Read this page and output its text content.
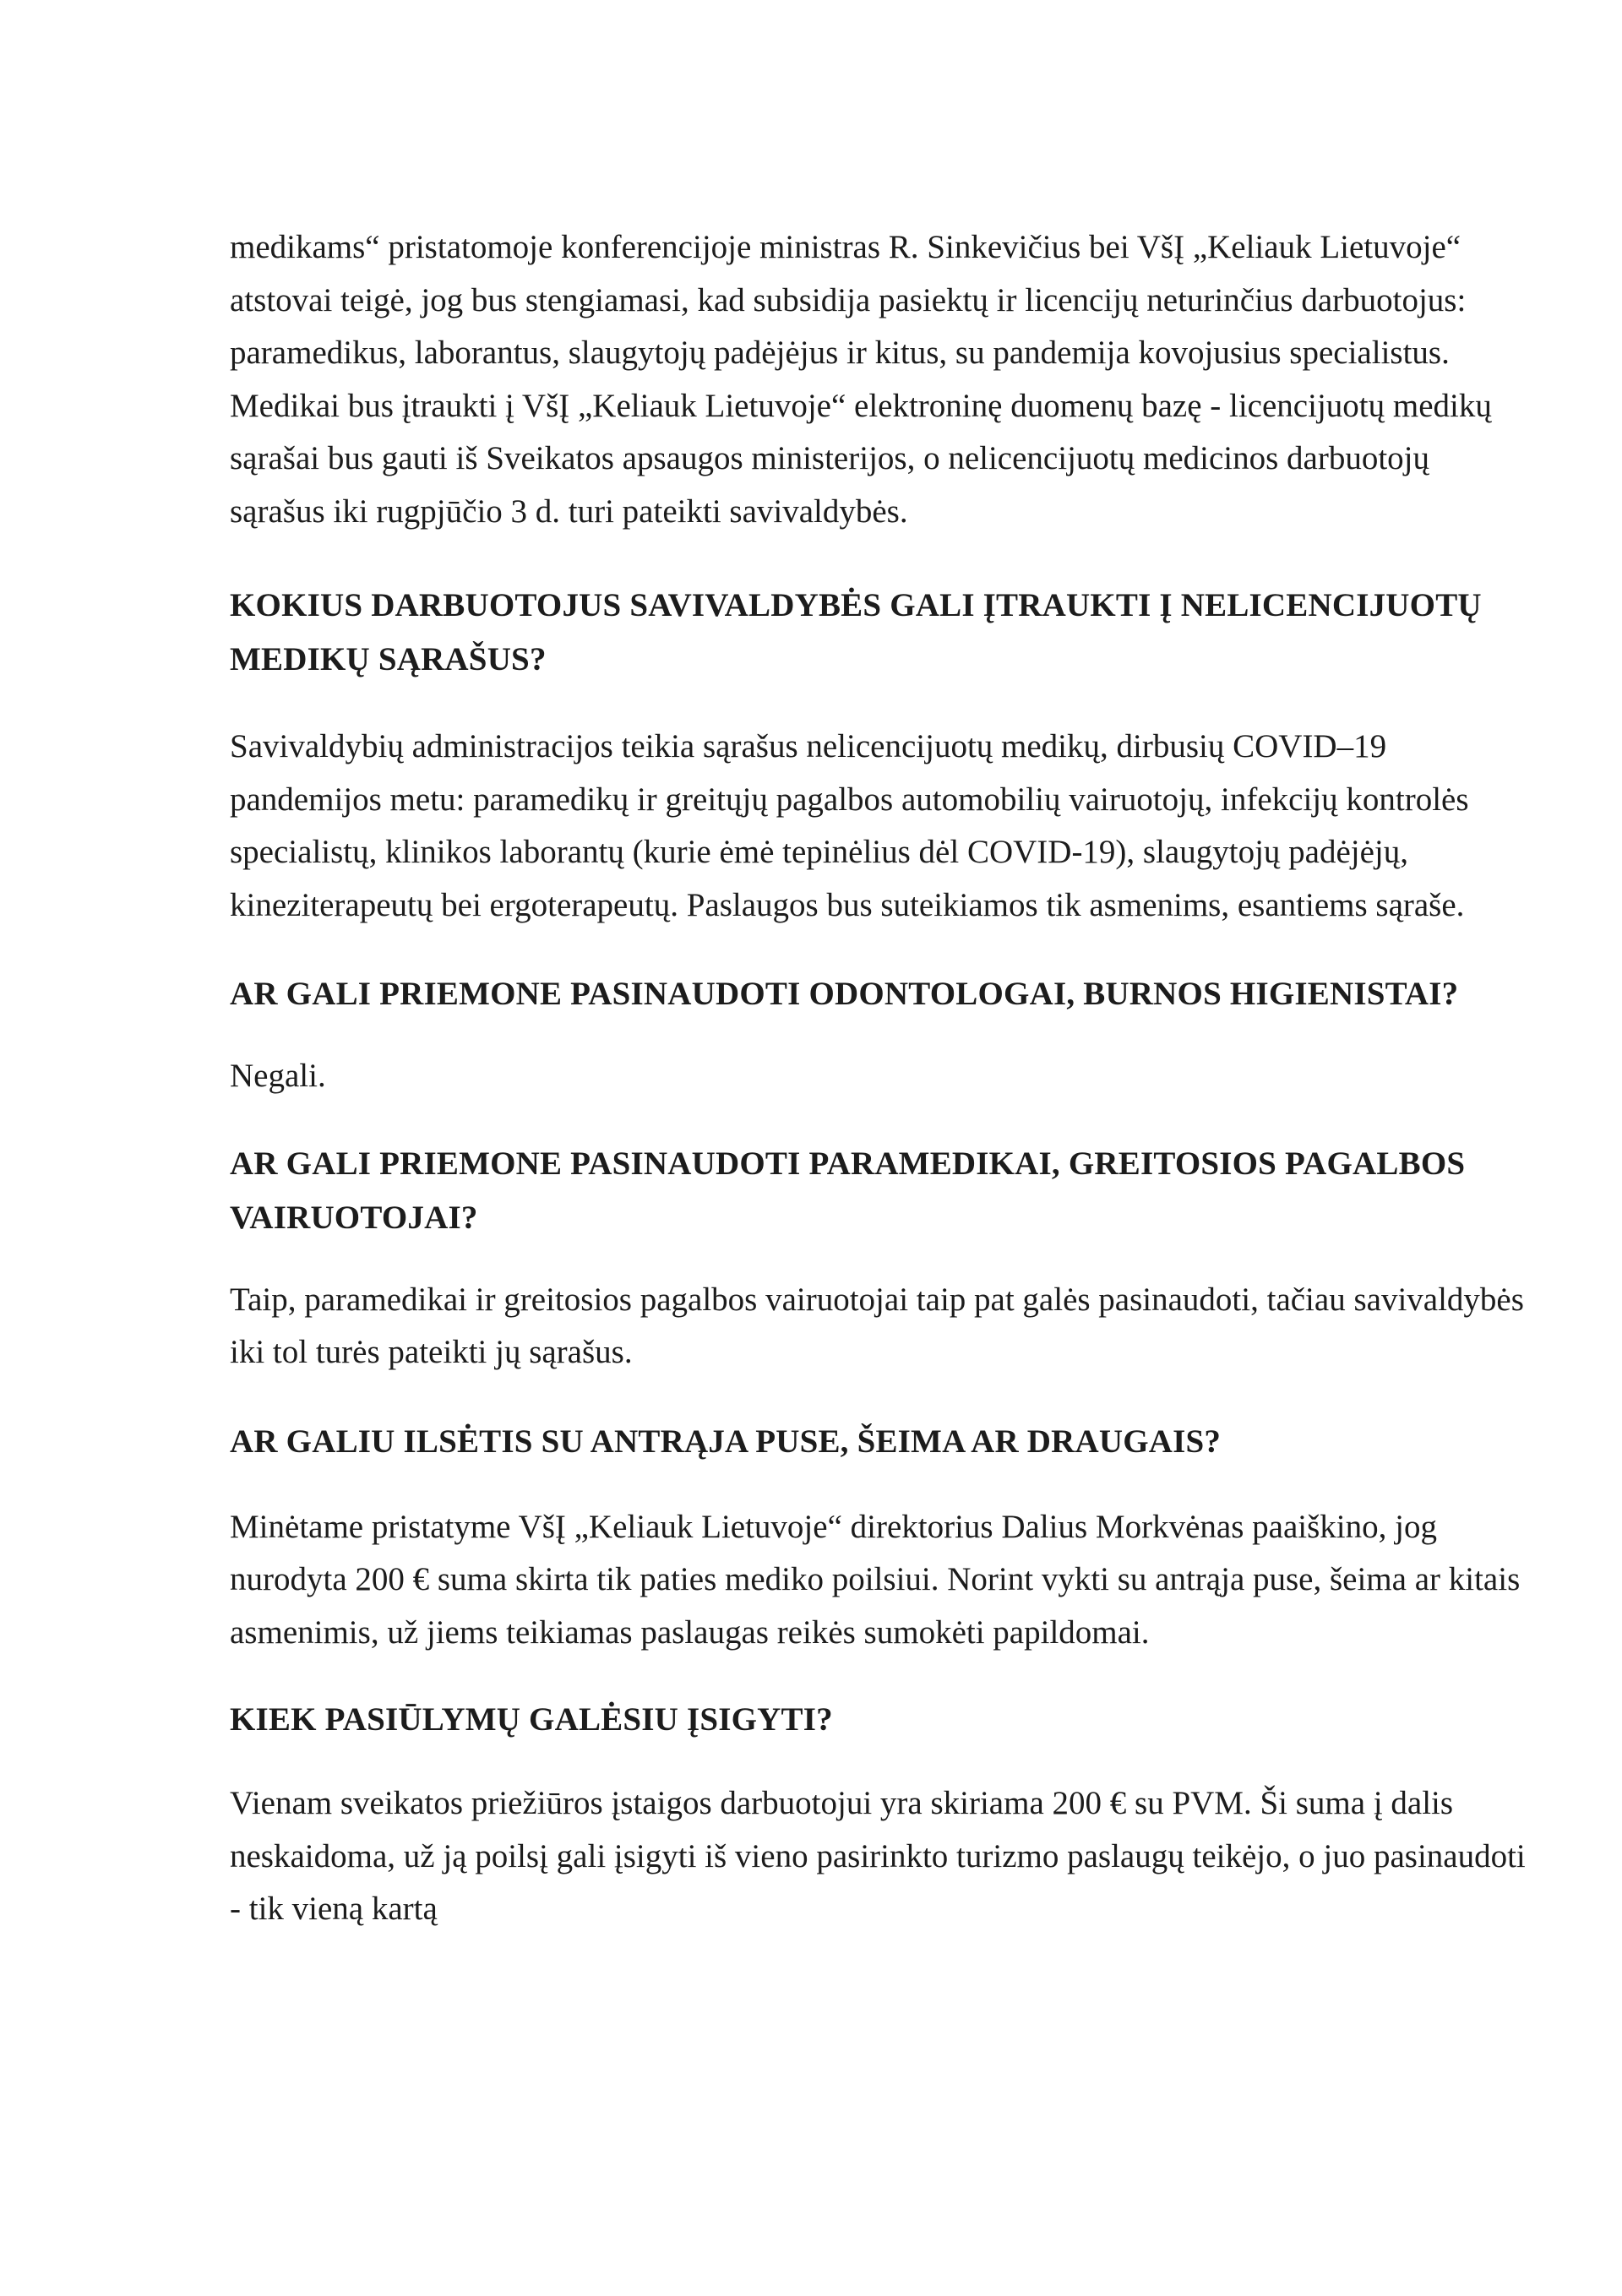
medikams“ pristatomoje konferencijoje ministras R. Sinkevičius bei VšĮ „Keliauk Lietuvoje“ atstovai teigė, jog bus stengiamasi, kad subsidija pasiektų ir licencijų neturinčius darbuotojus: paramedikus, laborantus, slaugytojų padėjėjus ir kitus, su pandemija kovojusius specialistus. Medikai bus įtraukti į VšĮ „Keliauk Lietuvoje“ elektroninę duomenų bazę - licencijuotų medikų sąrašai bus gauti iš Sveikatos apsaugos ministerijos, o nelicencijuotų medicinos darbuotojų sąrašus iki rugpjūčio 3 d. turi pateikti savivaldybės.

KOKIUS DARBUOTOJUS SAVIVALDYBĖS GALI ĮTRAUKTI Į NELICENCIJUOTŲ MEDIKŲ SĄRAŠUS?

Savivaldybių administracijos teikia sąrašus nelicencijuotų medikų, dirbusių COVID–19 pandemijos metu: paramedikų ir greitųjų pagalbos automobilių vairuotojų, infekcijų kontrolės specialistų, klinikos laborantų (kurie ėmė tepinėlius dėl COVID-19), slaugytojų padėjėjų, kineziterapeutų bei ergoterapeutų. Paslaugos bus suteikiamos tik asmenims, esantiems sąraše.

AR GALI PRIEMONE PASINAUDOTI ODONTOLOGAI, BURNOS HIGIENISTAI?

Negali.

AR GALI PRIEMONE PASINAUDOTI PARAMEDIKAI, GREITOSIOS PAGALBOS VAIRUOTOJAI?

Taip, paramedikai ir greitosios pagalbos vairuotojai taip pat galės pasinaudoti, tačiau savivaldybės iki tol turės pateikti jų sąrašus.

AR GALIU ILSĖTIS SU ANTRĄJA PUSE, ŠEIMA AR DRAUGAIS?

Minėtame pristatyme VšĮ „Keliauk Lietuvoje“ direktorius Dalius Morkvėnas paaiškino, jog nurodyta 200 € suma skirta tik paties mediko poilsiui. Norint vykti su antrąja puse, šeima ar kitais asmenimis, už jiems teikiamas paslaugas reikės sumokėti papildomai.

KIEK PASIŪLYMŲ GALĖSIU ĮSIGYTI?

Vienam sveikatos priežiūros įstaigos darbuotojui yra skiriama 200 € su PVM. Ši suma į dalis neskaidoma, už ją poilsį gali įsigyti iš vieno pasirinkto turizmo paslaugų teikėjo, o juo pasinaudoti - tik vieną kartą
